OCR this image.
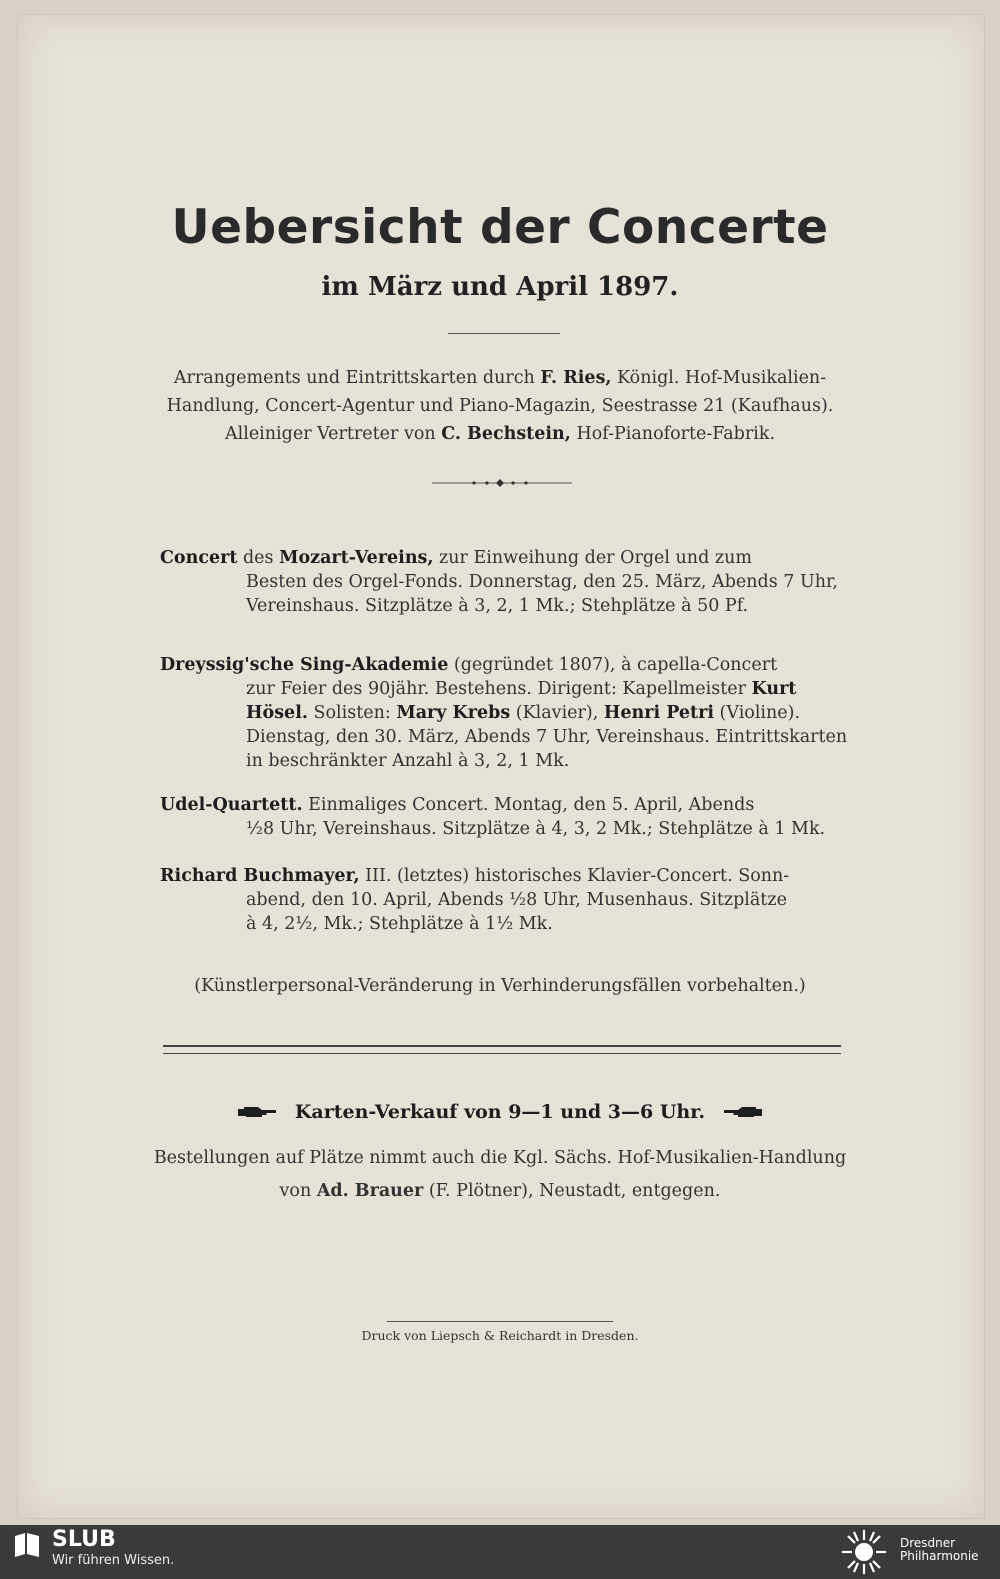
Uebersicht der Concerte
im März und April 1897.
Arrangements und Eintrittskarten durch F. Ries, Königl. Hof-Musikalien-
Handlung, Concert-Agentur und Piano-Magazin, Seestrasse 21 (Kaufhaus).
Alleiniger Vertreter von C. Bechstein, Hof-Pianoforte-Fabrik.
Concert des Mozart-Vereins, zur Einweihung der Orgel und zum
Besten des Orgel-Fonds. Donnerstag, den 25. März, Abends 7 Uhr,
Vereinshaus. Sitzplätze à 3, 2, 1 Mk.; Stehplätze à 50 Pf.
Dreyssig'sche Sing-Akademie (gegründet 1807), à capella-Concert
zur Feier des 90jähr. Bestehens. Dirigent: Kapellmeister Kurt
Hösel. Solisten: Mary Krebs (Klavier), Henri Petri (Violine).
Dienstag, den 30. März, Abends 7 Uhr, Vereinshaus. Eintrittskarten
in beschränkter Anzahl à 3, 2, 1 Mk.
Udel-Quartett. Einmaliges Concert. Montag, den 5. April, Abends
½8 Uhr, Vereinshaus. Sitzplätze à 4, 3, 2 Mk.; Stehplätze à 1 Mk.
Richard Buchmayer, III. (letztes) historisches Klavier-Concert. Sonn-
abend, den 10. April, Abends ½8 Uhr, Musenhaus. Sitzplätze
à 4, 2½, Mk.; Stehplätze à 1½ Mk.
(Künstlerpersonal-Veränderung in Verhinderungsfällen vorbehalten.)
Karten-Verkauf von 9—1 und 3—6 Uhr.
Bestellungen auf Plätze nimmt auch die Kgl. Sächs. Hof-Musikalien-Handlung
von Ad. Brauer (F. Plötner), Neustadt, entgegen.
Druck von Liepsch & Reichardt in Dresden.
SLUB
Wir führen Wissen.
Dresdner
Philharmonie
